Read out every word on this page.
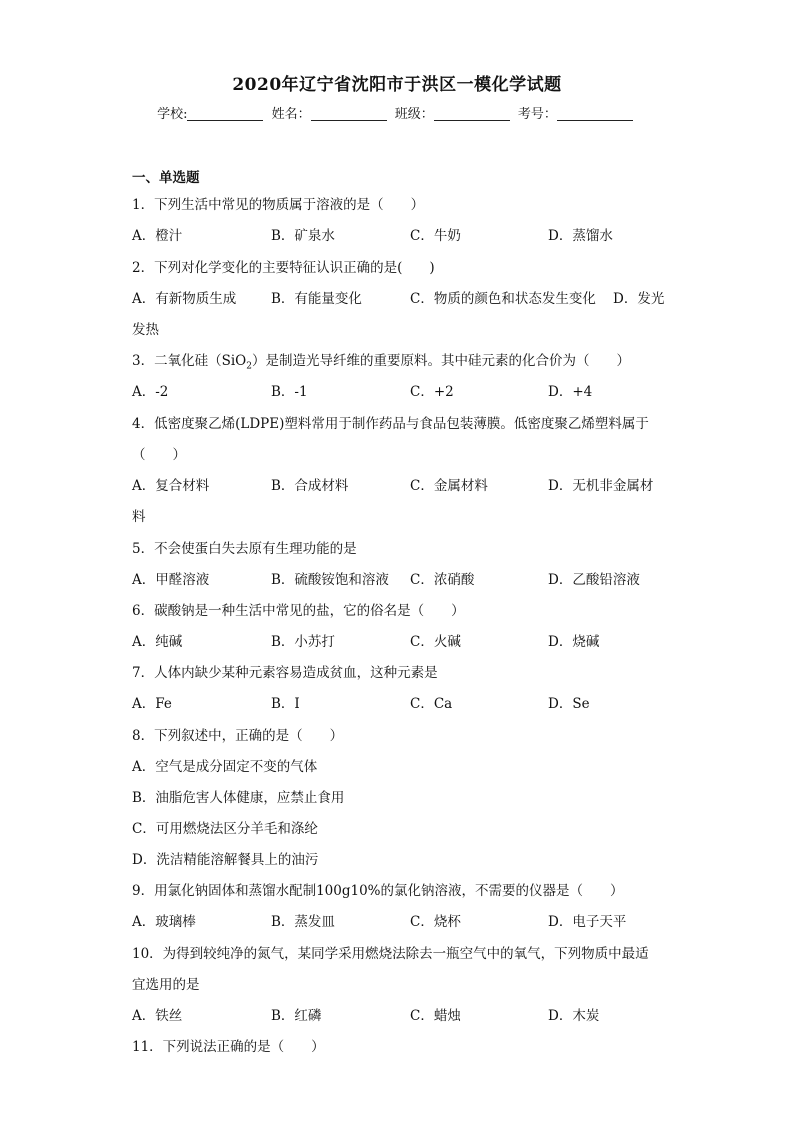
2020年辽宁省沈阳市于洪区一模化学试题
学校:	姓名：	班级：	考号：
一、单选题
1．下列生活中常见的物质属于溶液的是（　　）
A．橙汁	B．矿泉水	C．牛奶	D．蒸馏水
2．下列对化学变化的主要特征认识正确的是(　　)
A．有新物质生成	B．有能量变化	C．物质的颜色和状态发生变化 D．发光
发热
3．二氧化硅（SiO$_2$）是制造光导纤维的重要原料。其中硅元素的化合价为（　　）
A．-2	B．-1	C．+2	D．+4
4．低密度聚乙烯(LDPE)塑料常用于制作药品与食品包装薄膜。低密度聚乙烯塑料属于
（　　）
A．复合材料	B．合成材料	C．金属材料	D．无机非金属材
料
5．不会使蛋白失去原有生理功能的是
A．甲醛溶液	B．硫酸铵饱和溶液 C．浓硝酸	D．乙酸铅溶液
6．碳酸钠是一种生活中常见的盐，它的俗名是（　　）
A．纯碱	B．小苏打	C．火碱	D．烧碱
7．人体内缺少某种元素容易造成贫血，这种元素是
A．Fe	B．I	C．Ca	D．Se
8．下列叙述中，正确的是（　　）
A．空气是成分固定不变的气体
B．油脂危害人体健康，应禁止食用
C．可用燃烧法区分羊毛和涤纶
D．洗洁精能溶解餐具上的油污
9．用氯化钠固体和蒸馏水配制100g10%的氯化钠溶液，不需要的仪器是（　　）
A．玻璃棒	B．蒸发皿	C．烧杯	D．电子天平
10．为得到较纯净的氮气，某同学采用燃烧法除去一瓶空气中的氧气，下列物质中最适
宜选用的是
A．铁丝	B．红磷	C．蜡烛	D．木炭
11．下列说法正确的是（　　）
